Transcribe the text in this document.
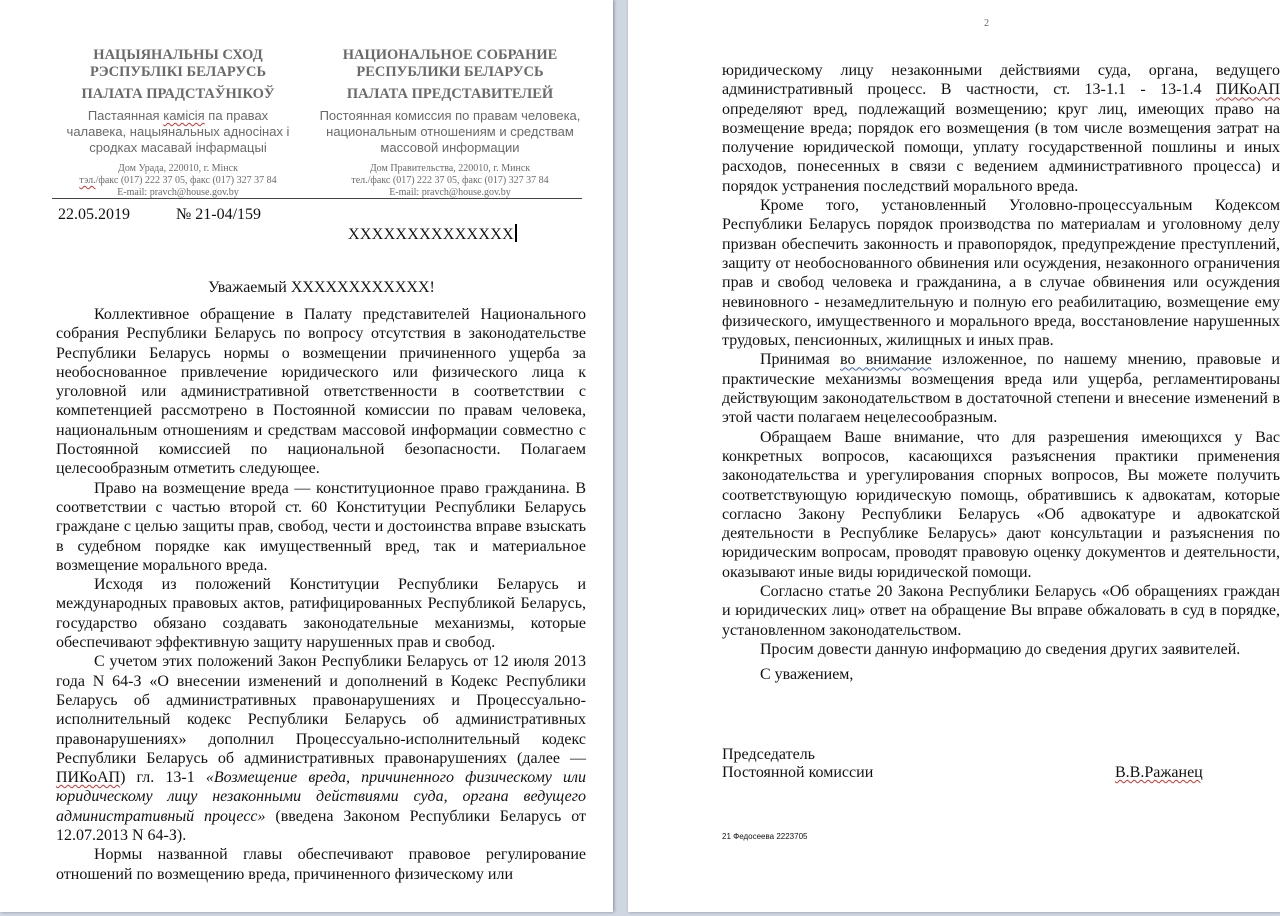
НАЦЫЯНАЛЬНЫ СХОД
РЭСПУБЛІКІ БЕЛАРУСЬ
ПАЛАТА ПРАДСТАЎНІКОЎ
Пастаянная камісія па правах чалавека, нацыянальных адносінах і сродках масавай інфармацыі
Дом Урада, 220010, г. Мінск
тэл./факс (017) 222 37 05, факс (017) 327 37 84
E-mail: pravch@house.gov.by
НАЦИОНАЛЬНОЕ СОБРАНИЕ
РЕСПУБЛИКИ БЕЛАРУСЬ
ПАЛАТА ПРЕДСТАВИТЕЛЕЙ
Постоянная комиссия по правам человека, национальным отношениям и средствам массовой информации
Дом Правительства, 220010, г. Минск
тел./факс (017) 222 37 05, факс (017) 327 37 84
E-mail: pravch@house.gov.by
22.05.2019	№ 21-04/159
XXXXXXXXXXXXXX
Уважаемый XXXXXXXXXXXX!

Коллективное обращение в Палату представителей Национального собрания Республики Беларусь по вопросу отсутствия в законодательстве Республики Беларусь нормы о возмещении причиненного ущерба за необоснованное привлечение юридического или физического лица к уголовной или административной ответственности в соответствии с компетенцией рассмотрено в Постоянной комиссии по правам человека, национальным отношениям и средствам массовой информации совместно с Постоянной комиссией по национальной безопасности. Полагаем целесообразным отметить следующее.

Право на возмещение вреда — конституционное право гражданина. В соответствии с частью второй ст. 60 Конституции Республики Беларусь граждане с целью защиты прав, свобод, чести и достоинства вправе взыскать в судебном порядке как имущественный вред, так и материальное возмещение морального вреда.

Исходя из положений Конституции Республики Беларусь и международных правовых актов, ратифицированных Республикой Беларусь, государство обязано создавать законодательные механизмы, которые обеспечивают эффективную защиту нарушенных прав и свобод.

С учетом этих положений Закон Республики Беларусь от 12 июля 2013 года N 64-З «О внесении изменений и дополнений в Кодекс Республики Беларусь об административных правонарушениях и Процессуально-исполнительный кодекс Республики Беларусь об административных правонарушениях» дополнил Процессуально-исполнительный кодекс Республики Беларусь об административных правонарушениях (далее — ПИКоАП) гл. 13-1 «Возмещение вреда, причиненного физическому или юридическому лицу незаконными действиями суда, органа ведущего административный процесс» (введена Законом Республики Беларусь от 12.07.2013 N 64-З).

Нормы названной главы обеспечивают правовое регулирование отношений по возмещению вреда, причиненного физическому или

2

юридическому лицу незаконными действиями суда, органа, ведущего административный процесс. В частности, ст. 13-1.1 - 13-1.4 ПИКоАП определяют вред, подлежащий возмещению; круг лиц, имеющих право на возмещение вреда; порядок его возмещения (в том числе возмещения затрат на получение юридической помощи, уплату государственной пошлины и иных расходов, понесенных в связи с ведением административного процесса) и порядок устранения последствий морального вреда.

Кроме того, установленный Уголовно-процессуальным Кодексом Республики Беларусь порядок производства по материалам и уголовному делу призван обеспечить законность и правопорядок, предупреждение преступлений, защиту от необоснованного обвинения или осуждения, незаконного ограничения прав и свобод человека и гражданина, а в случае обвинения или осуждения невиновного - незамедлительную и полную его реабилитацию, возмещение ему физического, имущественного и морального вреда, восстановление нарушенных трудовых, пенсионных, жилищных и иных прав.

Принимая во внимание изложенное, по нашему мнению, правовые и практические механизмы возмещения вреда или ущерба, регламентированы действующим законодательством в достаточной степени и внесение изменений в этой части полагаем нецелесообразным.

Обращаем Ваше внимание, что для разрешения имеющихся у Вас конкретных вопросов, касающихся разъяснения практики применения законодательства и урегулирования спорных вопросов, Вы можете получить соответствующую юридическую помощь, обратившись к адвокатам, которые согласно Закону Республики Беларусь «Об адвокатуре и адвокатской деятельности в Республике Беларусь» дают консультации и разъяснения по юридическим вопросам, проводят правовую оценку документов и деятельности, оказывают иные виды юридической помощи.

Согласно статье 20 Закона Республики Беларусь «Об обращениях граждан и юридических лиц» ответ на обращение Вы вправе обжаловать в суд в порядке, установленном законодательством.

Просим довести данную информацию до сведения других заявителей.

С уважением,

Председатель
Постоянной комиссии	В.В.Ражанец
21 Федосеева 2223705
